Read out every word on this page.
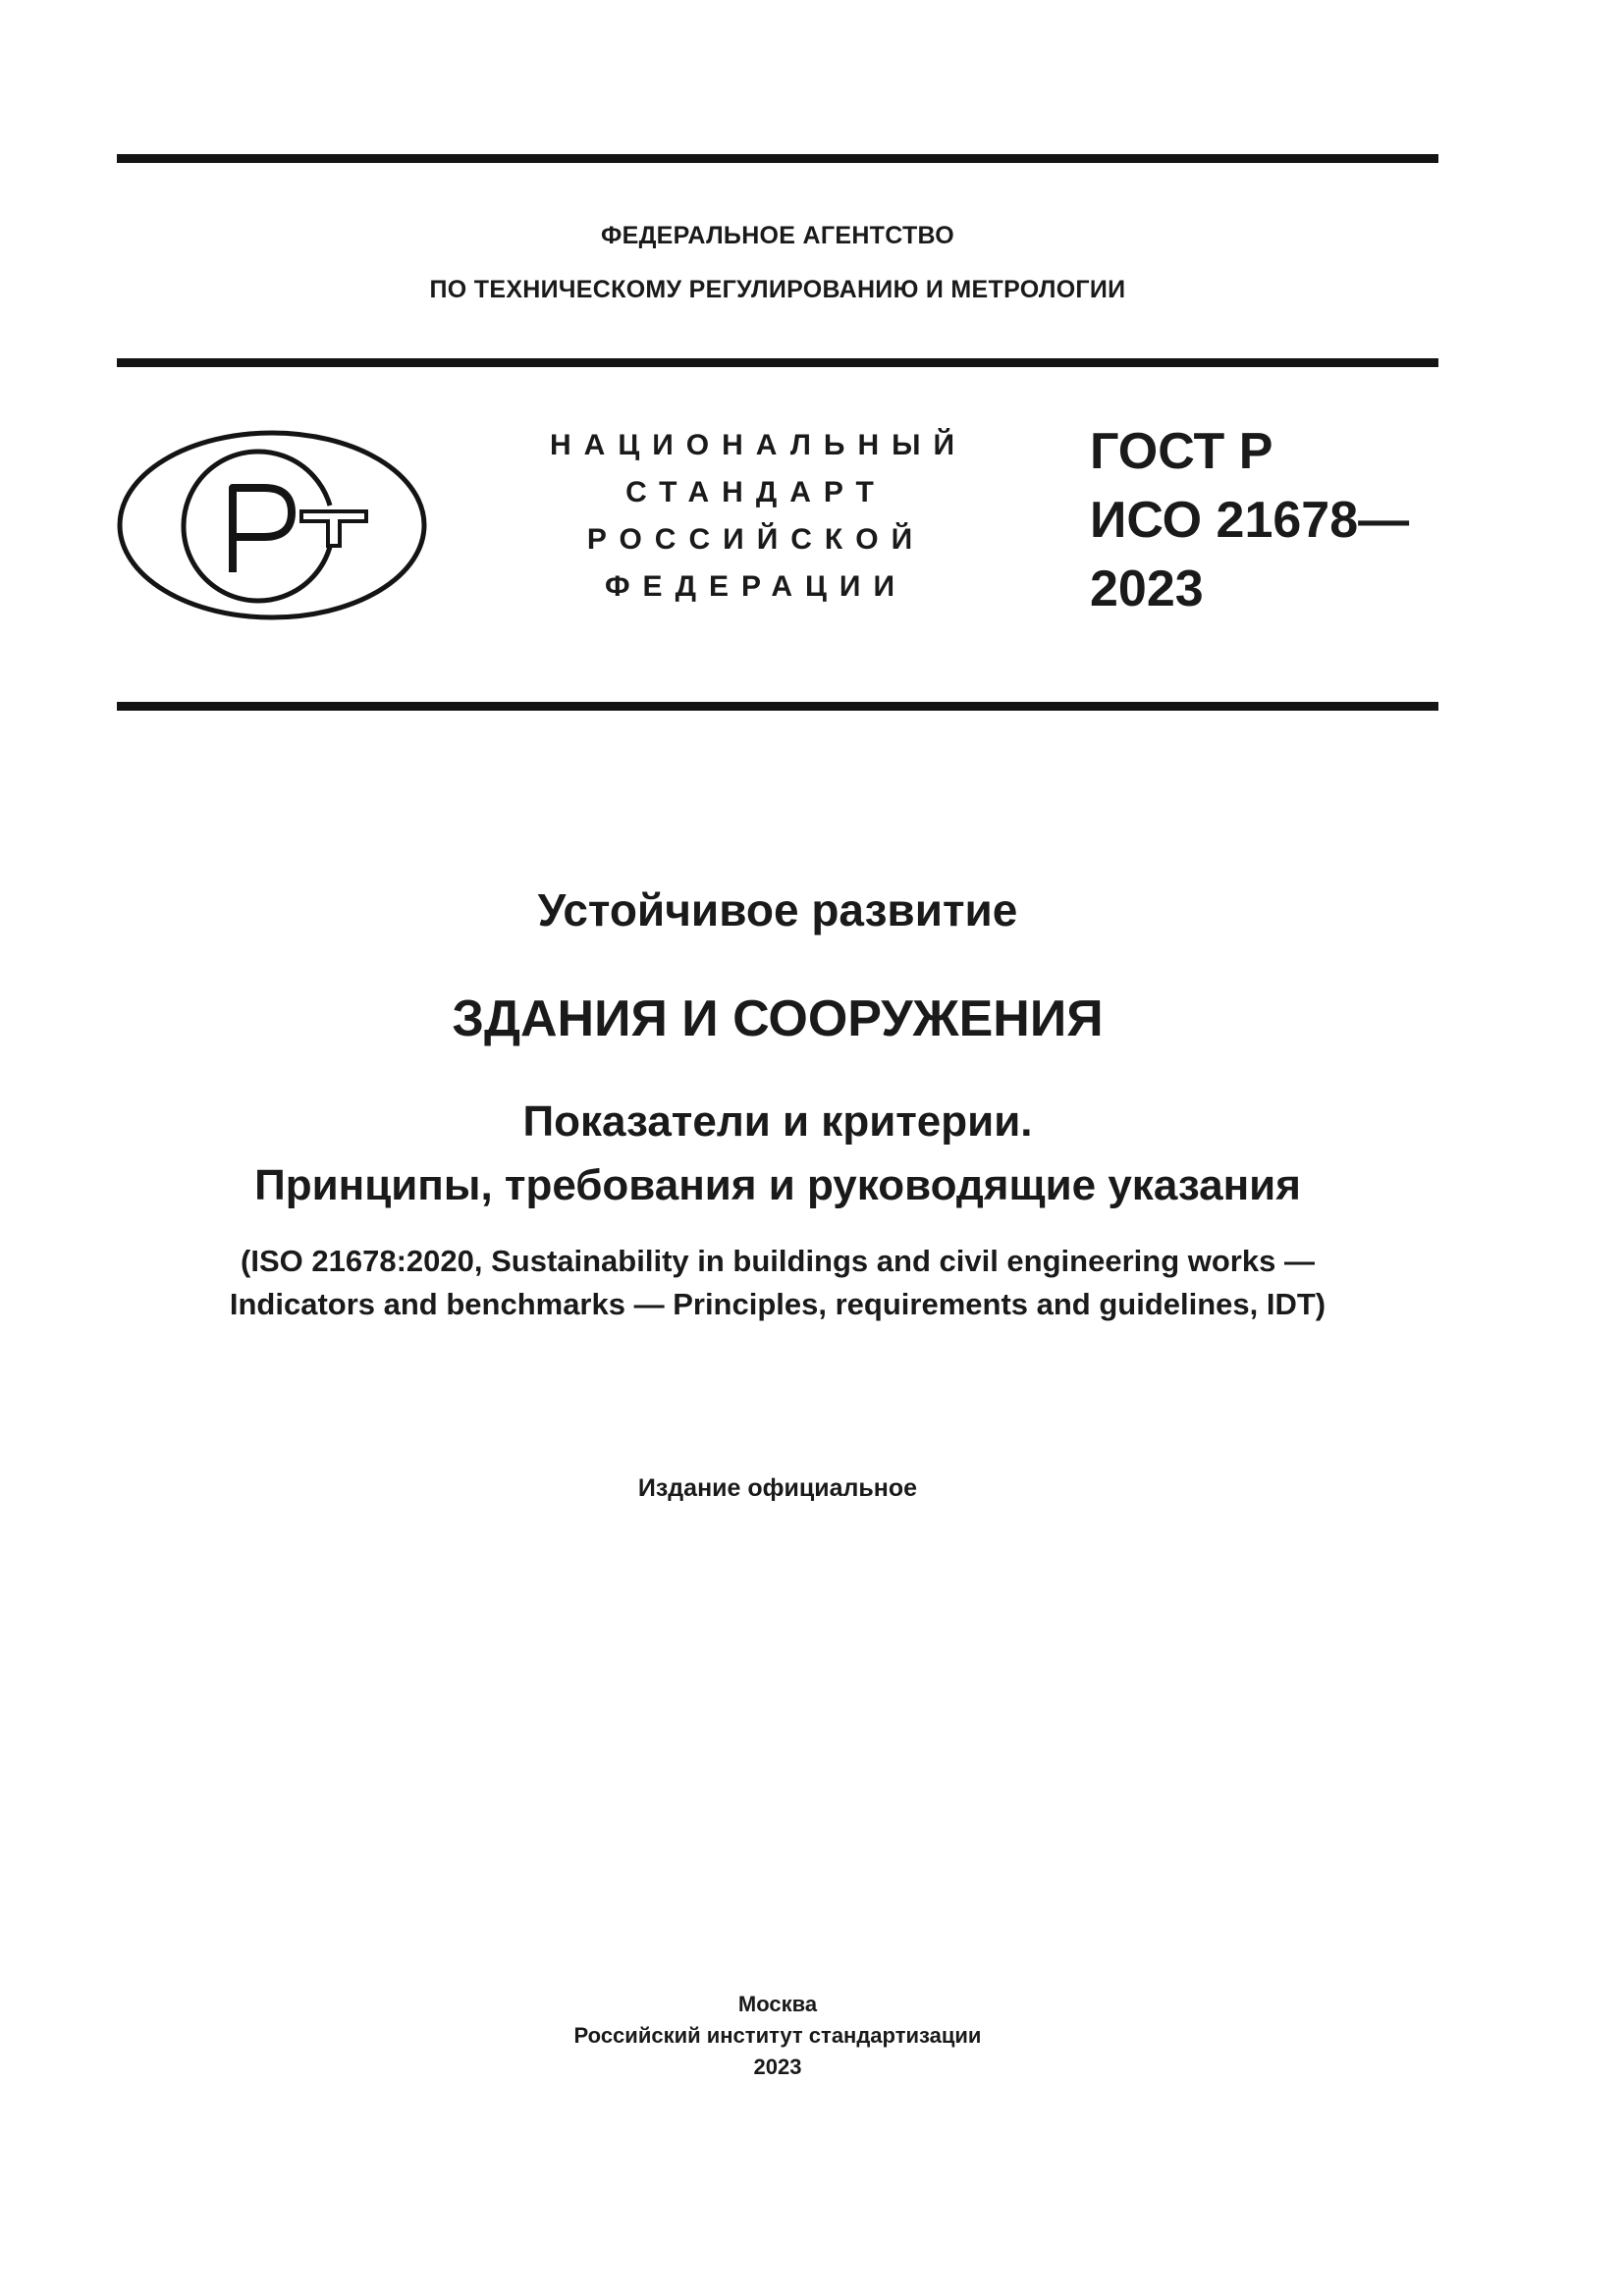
ФЕДЕРАЛЬНОЕ АГЕНТСТВО
ПО ТЕХНИЧЕСКОМУ РЕГУЛИРОВАНИЮ И МЕТРОЛОГИИ
НАЦИОНАЛЬНЫЙ
СТАНДАРТ
РОССИЙСКОЙ
ФЕДЕРАЦИИ
ГОСТ Р
ИСО 21678—
2023
Устойчивое развитие
ЗДАНИЯ И СООРУЖЕНИЯ
Показатели и критерии.
Принципы, требования и руководящие указания
(ISO 21678:2020, Sustainability in buildings and civil engineering works —
Indicators and benchmarks — Principles, requirements and guidelines, IDT)
Издание официальное
Москва
Российский институт стандартизации
2023
